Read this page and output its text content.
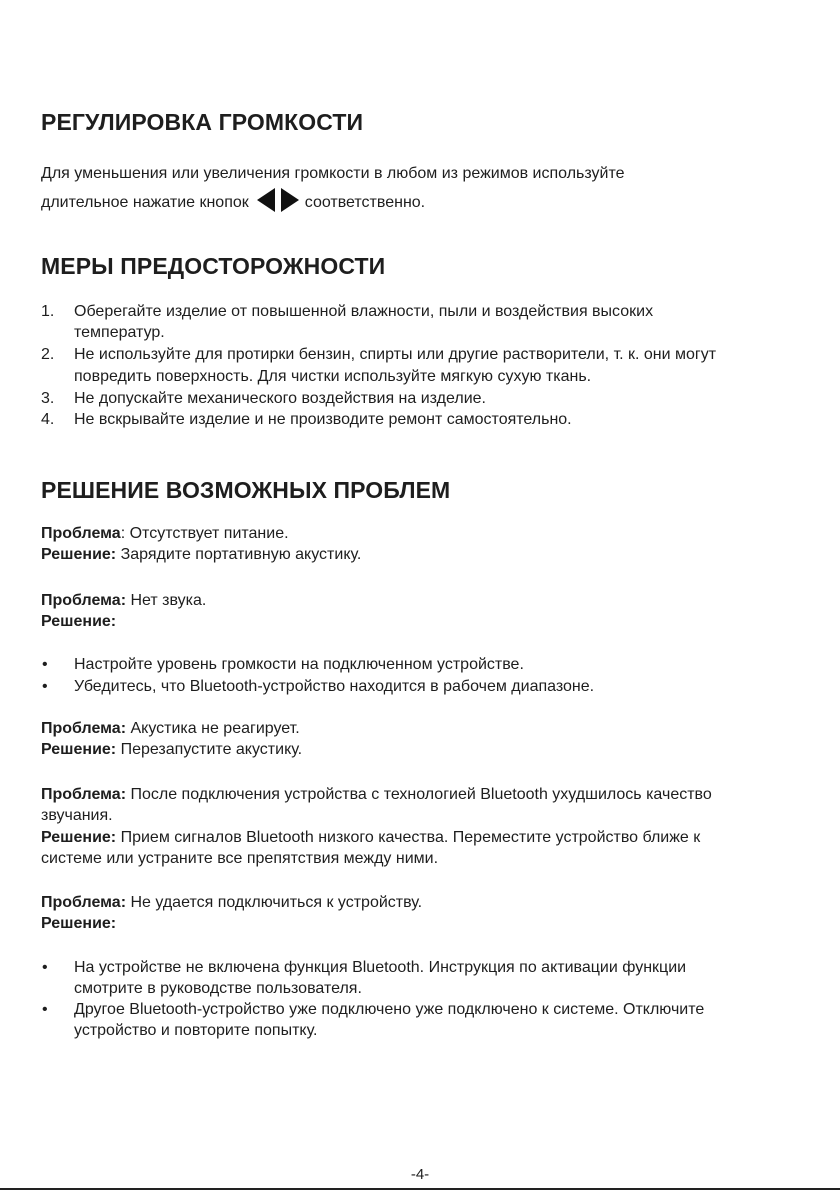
РЕГУЛИРОВКА ГРОМКОСТИ

Для уменьшения или увеличения громкости в любом из режимов используйте

длительное нажатие кнопок	соответственно.

МЕРЫ ПРЕДОСТОРОЖНОСТИ
1. Оберегайте изделие от повышенной влажности, пыли и воздействия высоких
температур.
2. Не используйте для протирки бензин, спирты или другие растворители, т. к. они могут
повредить поверхность. Для чистки используйте мягкую сухую ткань.
3. Не допускайте механического воздействия на изделие.
4. Не вскрывайте изделие и не производите ремонт самостоятельно.
РЕШЕНИЕ ВОЗМОЖНЫХ ПРОБЛЕМ

Проблема: Отсутствует питание.

Решение: Зарядите портативную акустику.

Проблема: Нет звука.

Решение:

• Настройте уровень громкости на подключенном устройстве.
• Убедитесь, что Bluetooth-устройство находится в рабочем диапазоне.

Проблема: Акустика не реагирует.

Решение: Перезапустите акустику.

Проблема: После подключения устройства с технологией Bluetooth ухудшилось качество

звучания.

Решение: Прием сигналов Bluetooth низкого качества. Переместите устройство ближе к

системе или устраните все препятствия между ними.

Проблема: Не удается подключиться к устройству.

Решение:

• На устройстве не включена функция Bluetooth. Инструкция по активации функции
смотрите в руководстве пользователя.
• Другое Bluetooth-устройство уже подключено уже подключено к системе. Отключите
устройство и повторите попытку.
-4-
